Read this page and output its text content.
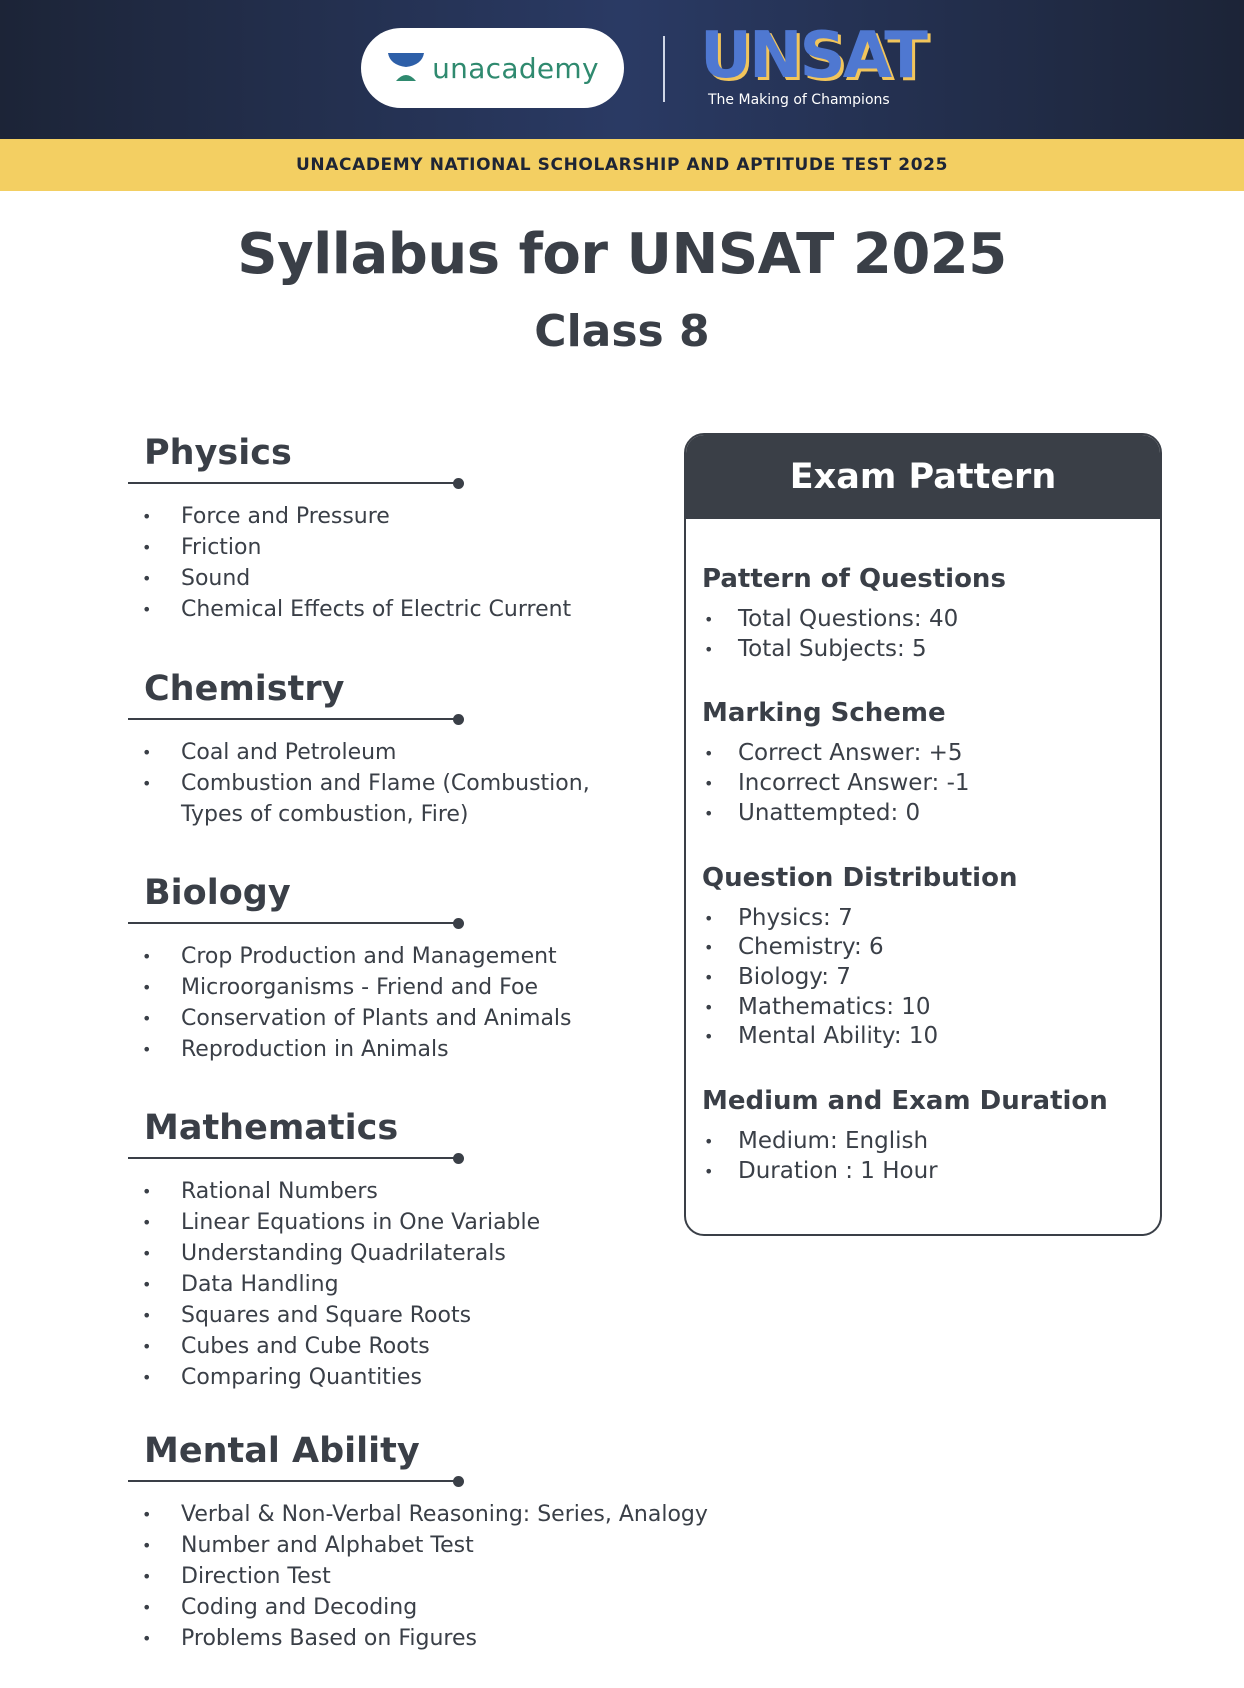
unacademy UNSAT
The Making of Champions
UNACADEMY NATIONAL SCHOLARSHIP AND APTITUDE TEST 2025
Syllabus for UNSAT 2025
Class 8
Physics
• Force and Pressure
• Friction
• Sound
• Chemical Effects of Electric Current
Chemistry
• Coal and Petroleum
• Combustion and Flame (Combustion, Types of combustion, Fire)
Biology
• Crop Production and Management
• Microorganisms - Friend and Foe
• Conservation of Plants and Animals
• Reproduction in Animals
Mathematics
• Rational Numbers
• Linear Equations in One Variable
• Understanding Quadrilaterals
• Data Handling
• Squares and Square Roots
• Cubes and Cube Roots
• Comparing Quantities
Mental Ability
• Verbal & Non-Verbal Reasoning: Series, Analogy
• Number and Alphabet Test
• Direction Test
• Coding and Decoding
• Problems Based on Figures
Exam Pattern
Pattern of Questions
• Total Questions: 40
• Total Subjects: 5
Marking Scheme
• Correct Answer: +5
• Incorrect Answer: -1
• Unattempted: 0
Question Distribution
• Physics: 7
• Chemistry: 6
• Biology: 7
• Mathematics: 10
• Mental Ability: 10
Medium and Exam Duration
• Medium: English
• Duration : 1 Hour
